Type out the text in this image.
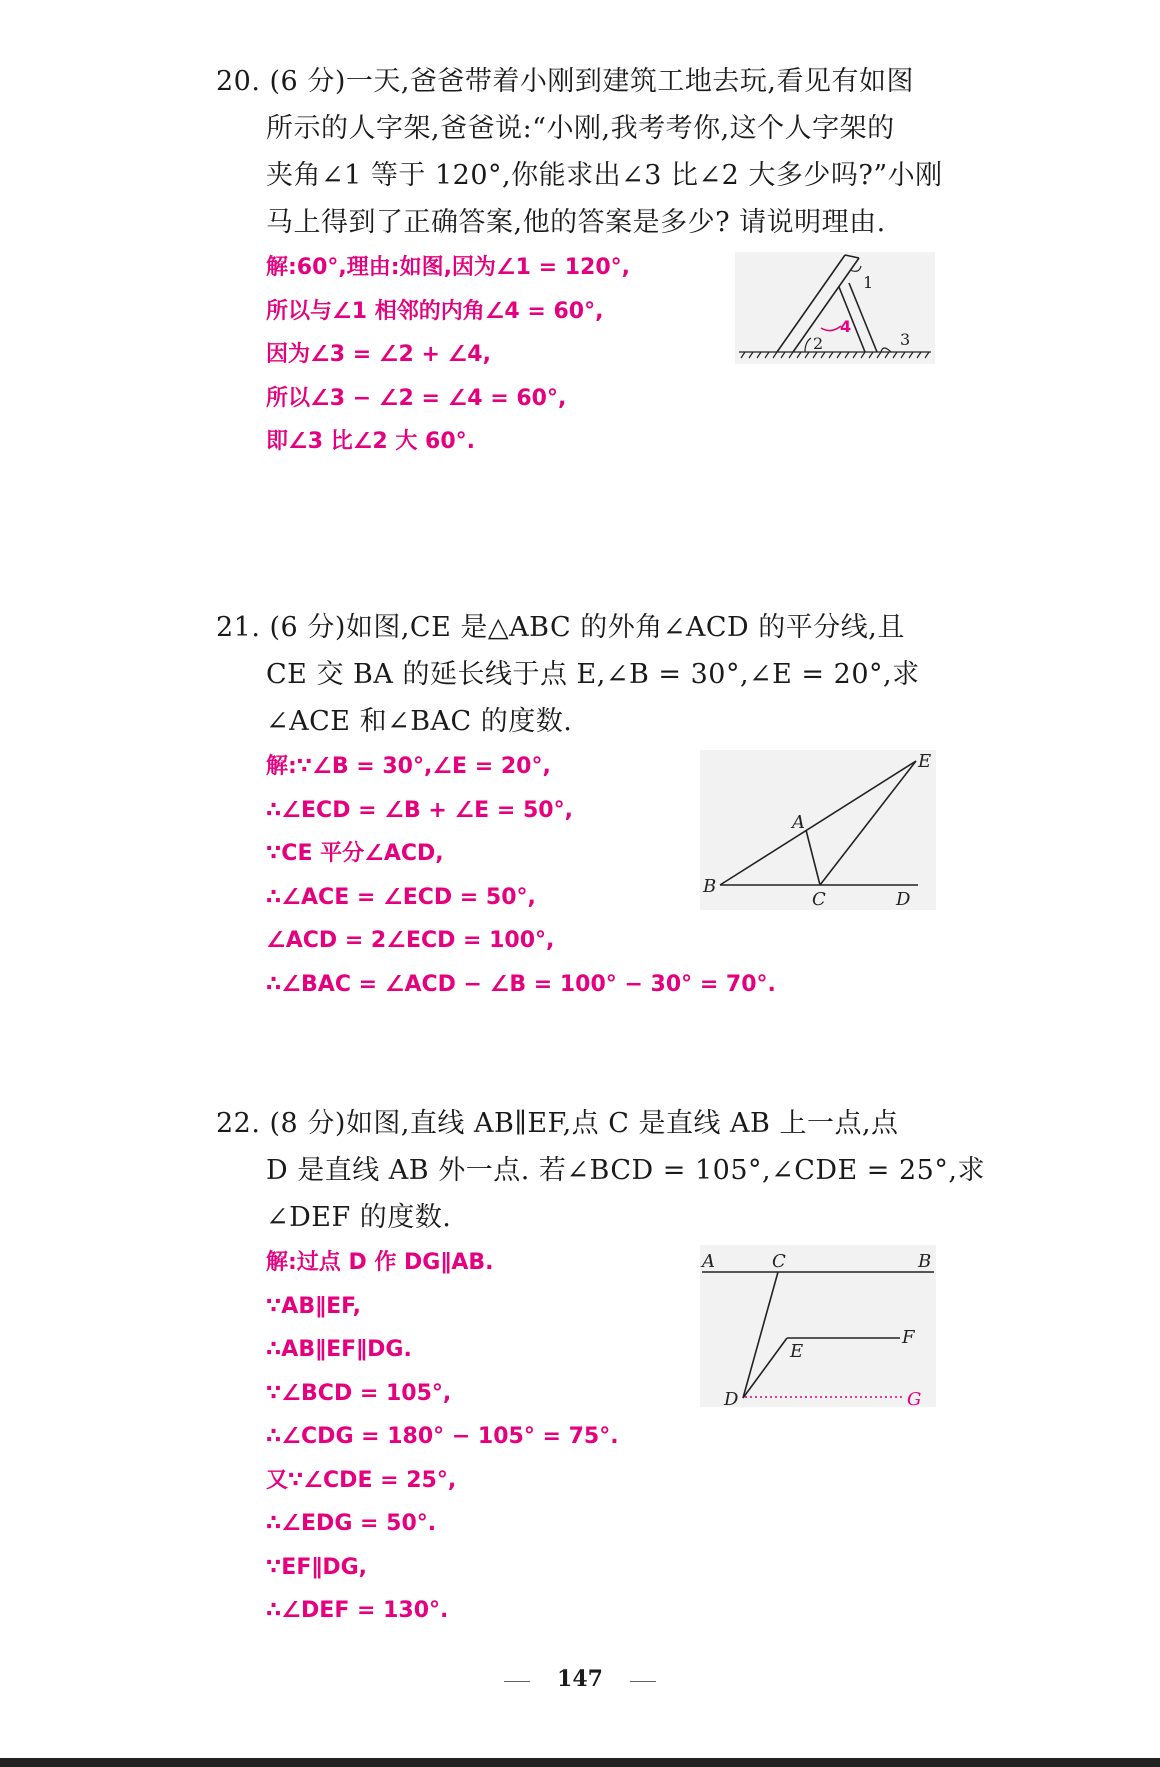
20. (6 分)一天,爸爸带着小刚到建筑工地去玩,看见有如图
所示的人字架,爸爸说:“小刚,我考考你,这个人字架的
夹角∠1 等于 120°,你能求出∠3 比∠2 大多少吗?”小刚
马上得到了正确答案,他的答案是多少? 请说明理由.
解:60°,理由:如图,因为∠1 = 120°,
所以与∠1 相邻的内角∠4 = 60°,
因为∠3 = ∠2 + ∠4,
所以∠3 − ∠2 = ∠4 = 60°,
即∠3 比∠2 大 60°.
1
2	3
4
21. (6 分)如图,CE 是△ABC 的外角∠ACD 的平分线,且
CE 交 BA 的延长线于点 E,∠B = 30°,∠E = 20°,求
∠ACE 和∠BAC 的度数.
解:∵∠B = 30°,∠E = 20°,
∴∠ECD = ∠B + ∠E = 50°,
∵CE 平分∠ACD,
∴∠ACE = ∠ECD = 50°,
∠ACD = 2∠ECD = 100°,
∴∠BAC = ∠ACD − ∠B = 100° − 30° = 70°.
E
A
B
C	D
22. (8 分)如图,直线 AB∥EF,点 C 是直线 AB 上一点,点
D 是直线 AB 外一点. 若∠BCD = 105°,∠CDE = 25°,求
∠DEF 的度数.
解:过点 D 作 DG∥AB.
∵AB∥EF,
∴AB∥EF∥DG.
∵∠BCD = 105°,
∴∠CDG = 180° − 105° = 75°.
又∵∠CDE = 25°,
∴∠EDG = 50°.
∵EF∥DG,
∴∠DEF = 130°.
A	C	B
E
F
D	G
147
